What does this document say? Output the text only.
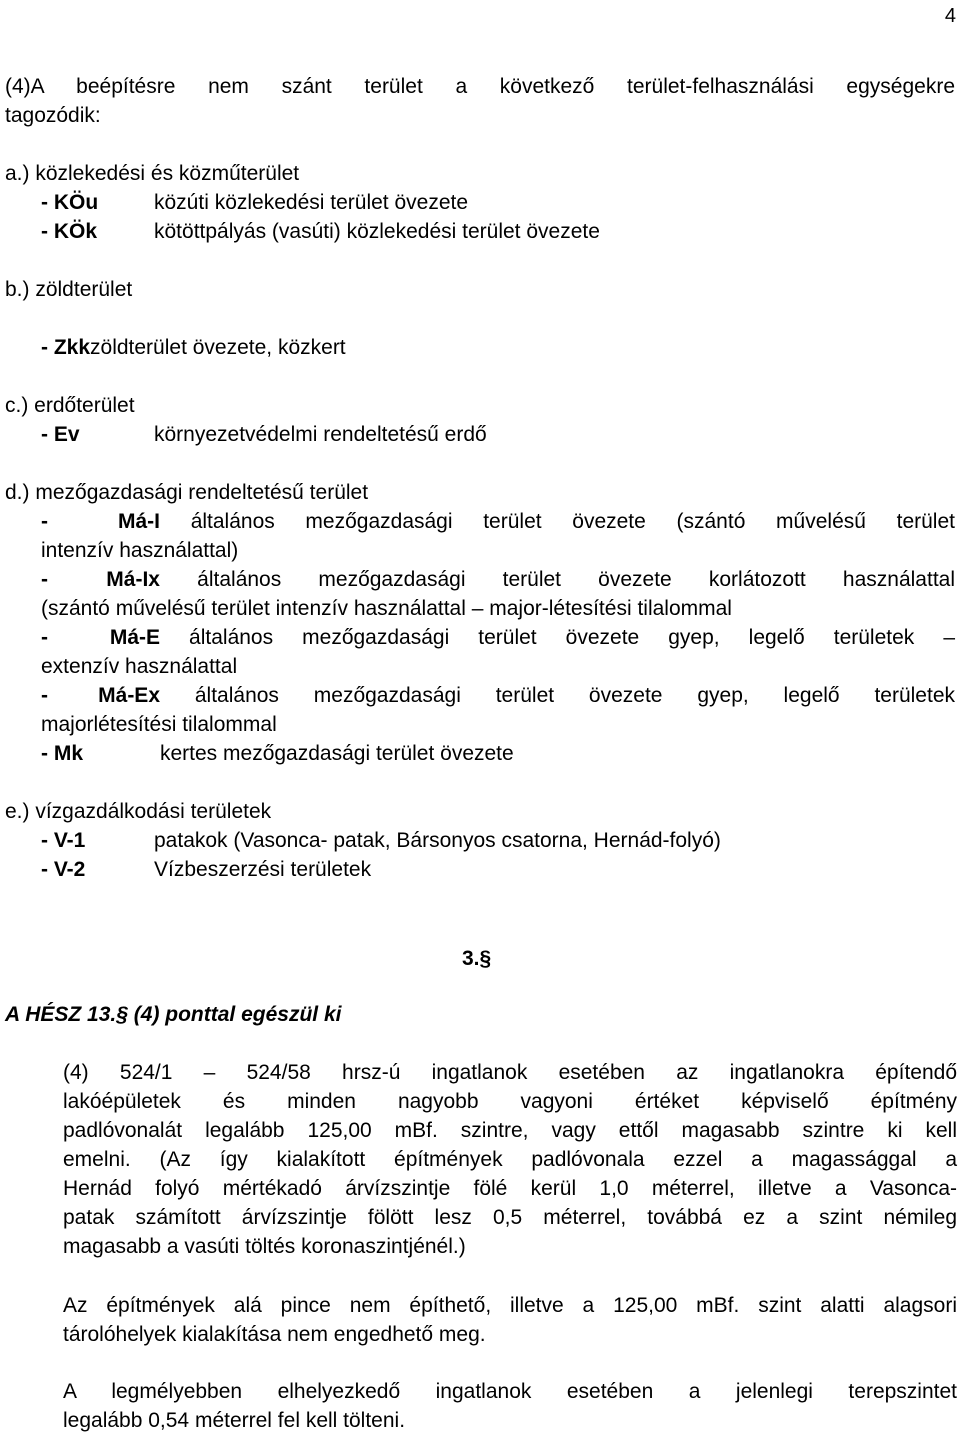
4
(4)A beépítésre nem szánt terület a következő terület-felhasználási egységekre
tagozódik:
a.) közlekedési és közműterület
- KÖu	közúti közlekedési terület övezete
- KÖk	kötöttpályás (vasúti) közlekedési terület övezete
b.) zöldterület
- Zkk zöldterület övezete, közkert
c.) erdőterület
- Ev	környezetvédelmi rendeltetésű erdő
d.) mezőgazdasági rendeltetésű terület
- Má-I általános mezőgazdasági terület övezete (szántó művelésű terület
intenzív használattal)
- Má-Ix általános mezőgazdasági terület övezete korlátozott használattal
(szántó művelésű terület intenzív használattal – major-létesítési tilalommal
- Má-E általános mezőgazdasági terület övezete gyep, legelő területek –
extenzív használattal
- Má-Ex általános mezőgazdasági terület övezete gyep, legelő területek
majorlétesítési tilalommal
- Mk	kertes mezőgazdasági terület övezete
e.) vízgazdálkodási területek
- V-1	patakok (Vasonca- patak, Bársonyos csatorna, Hernád-folyó)
- V-2	Vízbeszerzési területek
3.§
A HÉSZ 13.§ (4) ponttal egészül ki
(4) 524/1 – 524/58 hrsz-ú ingatlanok esetében az ingatlanokra építendő
lakóépületek és minden nagyobb vagyoni értéket képviselő építmény
padlóvonalát legalább 125,00 mBf. szintre, vagy ettől magasabb szintre ki kell
emelni. (Az így kialakított építmények padlóvonala ezzel a magassággal a
Hernád folyó mértékadó árvízszintje fölé kerül 1,0 méterrel, illetve a Vasonca-
patak számított árvízszintje fölött lesz 0,5 méterrel, továbbá ez a szint némileg
magasabb a vasúti töltés koronaszintjénél.)
Az építmények alá pince nem építhető, illetve a 125,00 mBf. szint alatti alagsori
tárolóhelyek kialakítása nem engedhető meg.
A legmélyebben elhelyezkedő ingatlanok esetében a jelenlegi terepszintet
legalább 0,54 méterrel fel kell tölteni.
